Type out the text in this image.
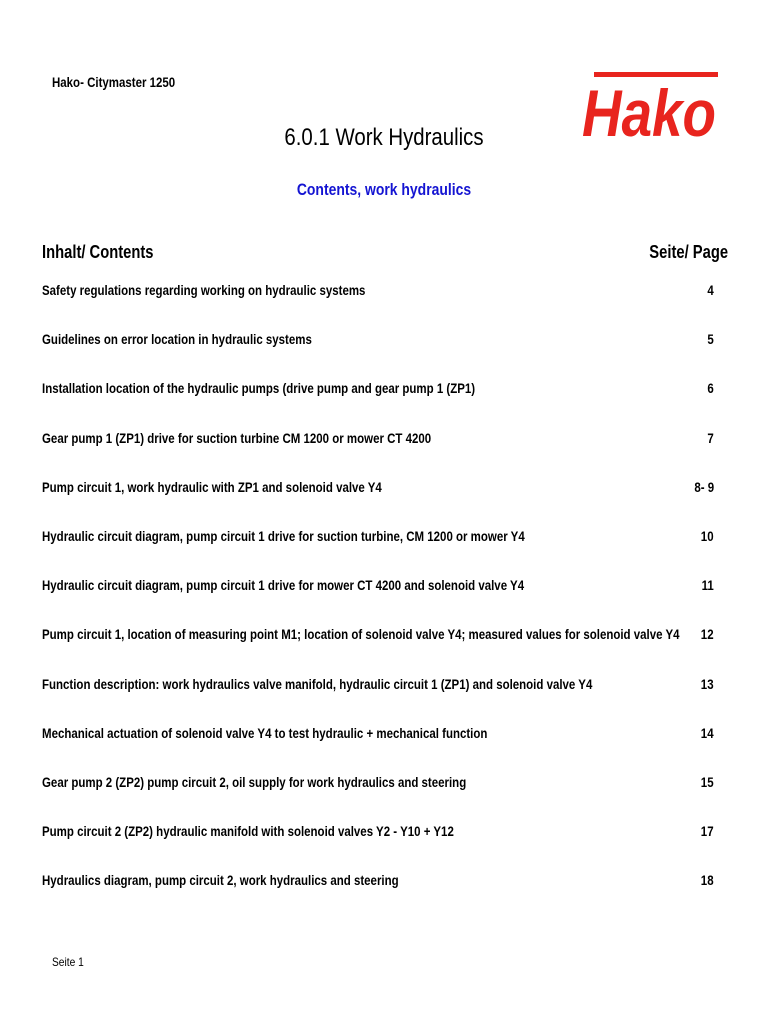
Hako- Citymaster 1250	Hako
6.0.1 Work Hydraulics
Contents, work hydraulics
Inhalt/ Contents	Seite/ Page
Safety regulations regarding working on hydraulic systems	4
Guidelines on error location in hydraulic systems	5
Installation location of the hydraulic pumps (drive pump and gear pump 1 (ZP1)	6
Gear pump 1 (ZP1) drive for suction turbine CM 1200 or mower CT 4200	7
Pump circuit 1, work hydraulic with ZP1 and solenoid valve Y4	8- 9
Hydraulic circuit diagram, pump circuit 1 drive for suction turbine, CM 1200 or mower Y4	10
Hydraulic circuit diagram, pump circuit 1 drive for mower CT 4200 and solenoid valve Y4	11
Pump circuit 1, location of measuring point M1; location of solenoid valve Y4; measured values for solenoid valve Y4 12
Function description: work hydraulics valve manifold, hydraulic circuit 1 (ZP1) and solenoid valve Y4	13
Mechanical actuation of solenoid valve Y4 to test hydraulic + mechanical function	14
Gear pump 2 (ZP2) pump circuit 2, oil supply for work hydraulics and steering	15
Pump circuit 2 (ZP2) hydraulic manifold with solenoid valves Y2 - Y10 + Y12	17
Hydraulics diagram, pump circuit 2, work hydraulics and steering	18
Seite 1
